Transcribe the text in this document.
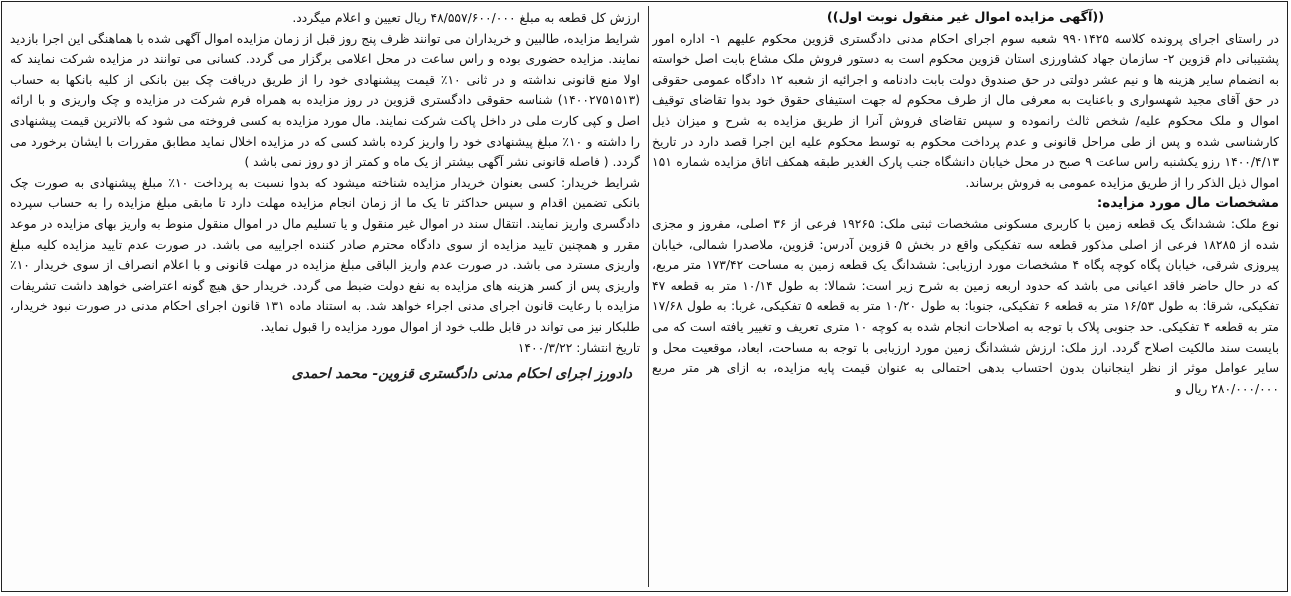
((آگهی مزایده اموال غیر منقول نوبت اول))

در راستای اجرای پرونده کلاسه ۹۹۰۱۴۲۵ شعبه سوم اجرای احکام مدنی دادگستری قزوین محکوم علیهم ۱- اداره امور پشتیبانی دام قزوین ۲- سازمان جهاد کشاورزی استان قزوین محکوم است به دستور فروش ملک مشاع بابت اصل خواسته به انضمام سایر هزینه ها و نیم عشر دولتی در حق صندوق دولت بابت دادنامه و اجرائیه از شعبه ۱۲ دادگاه عمومی حقوقی در حق آقای مجید شهسواری و باعنایت به معرفی مال از طرف محکوم له جهت استیفای حقوق خود بدوا تقاضای توقیف اموال و ملک محکوم علیه/ شخص ثالث رانموده و سپس تقاضای فروش آنرا از طریق مزایده به شرح و میزان ذیل کارشناسی شده و پس از طی مراحل قانونی و عدم پرداخت محکوم به توسط محکوم علیه این اجرا قصد دارد در تاریخ ۱۴۰۰/۴/۱۳ رزو یکشنبه راس ساعت ۹ صبح در محل خیابان دانشگاه جنب پارک الغدیر طبقه همکف اتاق مزایده شماره ۱۵۱ اموال ذیل الذکر را از طریق مزایده عمومی به فروش برساند.

مشخصات مال مورد مزایده:

نوع ملک: ششدانگ یک قطعه زمین با کاربری مسکونی مشخصات ثبتی ملک: ۱۹۲۶۵ فرعی از ۳۶ اصلی، مفروز و مجزی شده از ۱۸۲۸۵ فرعی از اصلی مذکور قطعه سه تفکیکی واقع در بخش ۵ قزوین آدرس: قزوین، ملاصدرا شمالی، خیابان پیروزی شرقی، خیابان پگاه کوچه پگاه ۴ مشخصات مورد ارزیابی: ششدانگ یک قطعه زمین به مساحت ۱۷۳/۴۲ متر مربع، که در حال حاضر فاقد اعیانی می باشد که حدود اربعه زمین به شرح زیر است: شمالا: به طول ۱۰/۱۴ متر به قطعه ۴۷ تفکیکی، شرقا: به طول ۱۶/۵۳ متر به قطعه ۶ تفکیکی، جنوبا: به طول ۱۰/۲۰ متر به قطعه ۵ تفکیکی، غربا: به طول ۱۷/۶۸ متر به قطعه ۴ تفکیکی. حد جنوبی پلاک با توجه به اصلاحات انجام شده به کوچه ۱۰ متری تعریف و تغییر یافته است که می بایست سند مالکیت اصلاح گردد. ارز ملک: ارزش ششدانگ زمین مورد ارزیابی با توجه به مساحت، ابعاد، موقعیت محل و سایر عوامل موثر از نظر اینجانبان بدون احتساب بدهی احتمالی به عنوان قیمت پایه مزایده، به ازای هر متر مربع ۲۸۰/۰۰۰/۰۰۰ ریال و

ارزش کل قطعه به مبلغ ۴۸/۵۵۷/۶۰۰/۰۰۰ ریال تعیین و اعلام میگردد.

شرایط مزایده، طالبین و خریداران می توانند ظرف پنج روز قبل از زمان مزایده اموال آگهی شده با هماهنگی این اجرا بازدید نمایند. مزایده حضوری بوده و راس ساعت در محل اعلامی برگزار می گردد. کسانی می توانند در مزایده شرکت نمایند که اولا منع قانونی نداشته و در ثانی ۱۰٪ قیمت پیشنهادی خود را از طریق دریافت چک بین بانکی از کلیه بانکها به حساب (۱۴۰۰۲۷۵۱۵۱۳) شناسه حقوقی دادگستری قزوین در روز مزایده به همراه فرم شرکت در مزایده و چک واریزی و با ارائه اصل و کپی کارت ملی در داخل پاکت شرکت نمایند. مال مورد مزایده به کسی فروخته می شود که بالاترین قیمت پیشنهادی را داشته و ۱۰٪ مبلغ پیشنهادی خود را واریز کرده باشد کسی که در مزایده اخلال نماید مطابق مقررات با ایشان برخورد می گردد. ( فاصله قانونی نشر آگهی بیشتر از یک ماه و کمتر از دو روز نمی باشد )

شرایط خریدار: کسی بعنوان خریدار مزایده شناخته میشود که بدوا نسبت به پرداخت ۱۰٪ مبلغ پیشنهادی به صورت چک بانکی تضمین اقدام و سپس حداکثر تا یک ما از زمان انجام مزایده مهلت دارد تا مابقی مبلغ مزایده را به حساب سپرده دادگسری واریز نمایند. انتقال سند در اموال غیر منقول و یا تسلیم مال در اموال منقول منوط به واریز بهای مزایده در موعد مقرر و همچنین تایید مزایده از سوی دادگاه محترم صادر کننده اجراییه می باشد. در صورت عدم تایید مزایده کلیه مبلغ واریزی مسترد می باشد. در صورت عدم واریز الباقی مبلغ مزایده در مهلت قانونی و با اعلام انصراف از سوی خریدار ۱۰٪ واریزی پس از کسر هزینه های مزایده به نفع دولت ضبط می گردد. خریدار حق هیچ گونه اعتراضی خواهد داشت تشریفات مزایده با رعایت قانون اجرای مدنی اجراء خواهد شد. به استناد ماده ۱۳۱ قانون اجرای احکام مدنی در صورت نبود خریدار، طلبکار نیز می تواند در قابل طلب خود از اموال مورد مزایده را قبول نماید.

تاریخ انتشار: ۱۴۰۰/۳/۲۲

دادورز اجرای احکام مدنی دادگستری قزوین- محمد احمدی
